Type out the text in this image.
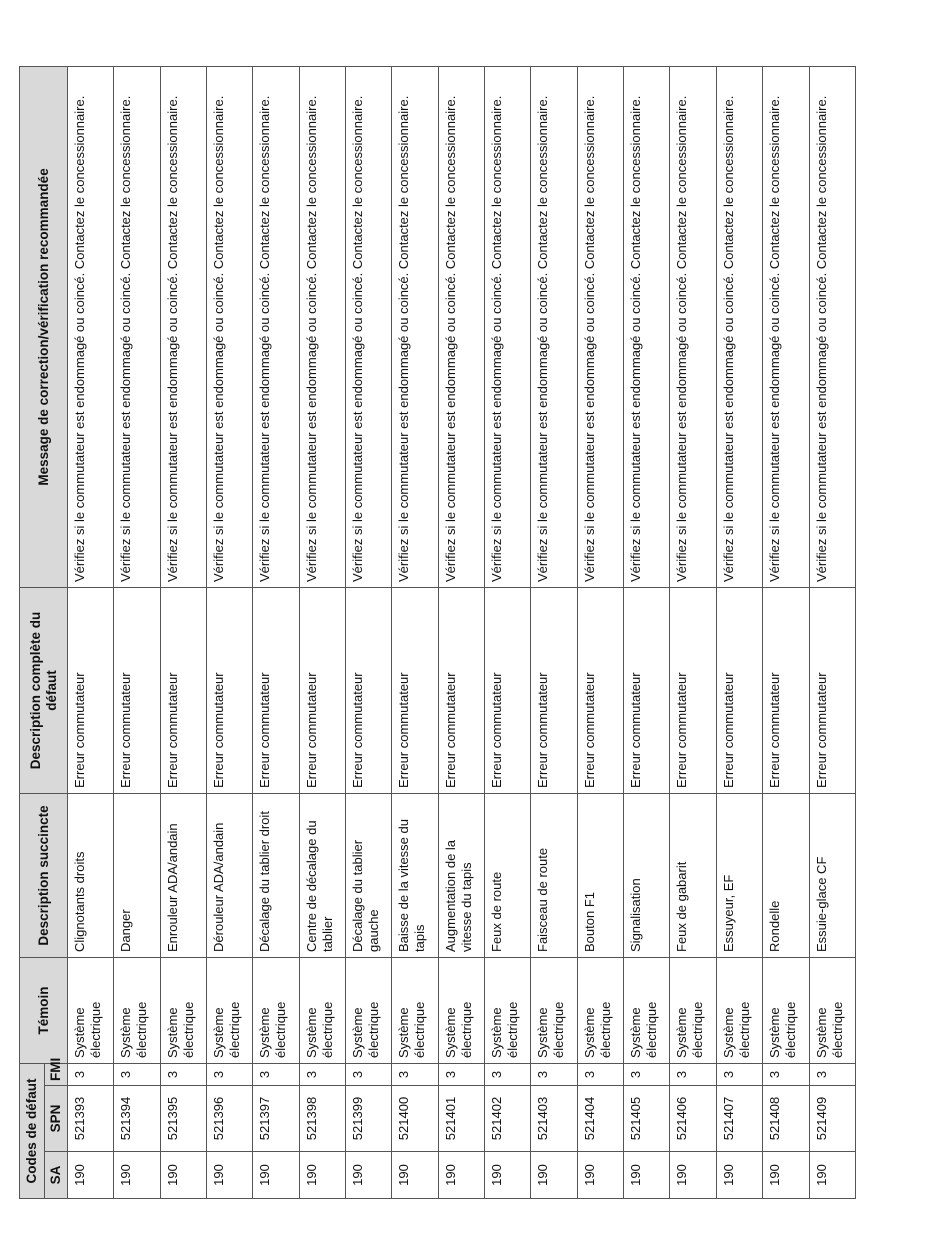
Codes de défaut			Témoin	Description succincte	Description complète du défaut	Message de correction/vérification recommandée
SA	SPN	FMI				
190	521393	3	Système électrique	Clignotants droits	Erreur commutateur	Vérifiez si le commutateur est endommagé ou coincé. Contactez le concessionnaire.
190	521394	3	Système électrique	Danger	Erreur commutateur	Vérifiez si le commutateur est endommagé ou coincé. Contactez le concessionnaire.
190	521395	3	Système électrique	Enrouleur ADA/andain	Erreur commutateur	Vérifiez si le commutateur est endommagé ou coincé. Contactez le concessionnaire.
190	521396	3	Système électrique	Dérouleur ADA/andain	Erreur commutateur	Vérifiez si le commutateur est endommagé ou coincé. Contactez le concessionnaire.
190	521397	3	Système électrique	Décalage du tablier droit	Erreur commutateur	Vérifiez si le commutateur est endommagé ou coincé. Contactez le concessionnaire.
190	521398	3	Système électrique	Centre de décalage du tablier	Erreur commutateur	Vérifiez si le commutateur est endommagé ou coincé. Contactez le concessionnaire.
190	521399	3	Système électrique	Décalage du tablier gauche	Erreur commutateur	Vérifiez si le commutateur est endommagé ou coincé. Contactez le concessionnaire.
190	521400	3	Système électrique	Baisse de la vitesse du tapis	Erreur commutateur	Vérifiez si le commutateur est endommagé ou coincé. Contactez le concessionnaire.
190	521401	3	Système électrique	Augmentation de la vitesse du tapis	Erreur commutateur	Vérifiez si le commutateur est endommagé ou coincé. Contactez le concessionnaire.
190	521402	3	Système électrique	Feux de route	Erreur commutateur	Vérifiez si le commutateur est endommagé ou coincé. Contactez le concessionnaire.
190	521403	3	Système électrique	Faisceau de route	Erreur commutateur	Vérifiez si le commutateur est endommagé ou coincé. Contactez le concessionnaire.
190	521404	3	Système électrique	Bouton F1	Erreur commutateur	Vérifiez si le commutateur est endommagé ou coincé. Contactez le concessionnaire.
190	521405	3	Système électrique	Signalisation	Erreur commutateur	Vérifiez si le commutateur est endommagé ou coincé. Contactez le concessionnaire.
190	521406	3	Système électrique	Feux de gabarit	Erreur commutateur	Vérifiez si le commutateur est endommagé ou coincé. Contactez le concessionnaire.
190	521407	3	Système électrique	Essuyeur, EF	Erreur commutateur	Vérifiez si le commutateur est endommagé ou coincé. Contactez le concessionnaire.
190	521408	3	Système électrique	Rondelle	Erreur commutateur	Vérifiez si le commutateur est endommagé ou coincé. Contactez le concessionnaire.
190	521409	3	Système électrique	Essuie-glace CF	Erreur commutateur	Vérifiez si le commutateur est endommagé ou coincé. Contactez le concessionnaire.
